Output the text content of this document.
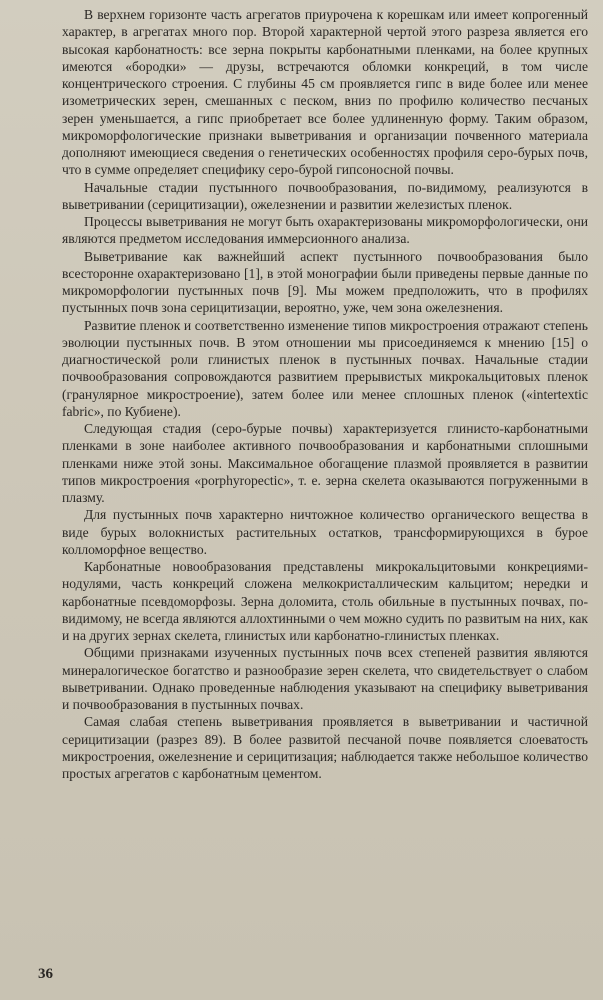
В верхнем горизонте часть агрегатов приурочена к корешкам или имеет копрогенный характер, в агрегатах много пор. Второй характерной чертой этого разреза является его высокая карбонатность: все зерна покрыты карбонатными пленками, на более крупных имеются «бородки» — друзы, встречаются обломки конкреций, в том числе концентрического строения. С глубины 45 см проявляется гипс в виде более или менее изометрических зерен, смешанных с песком, вниз по профилю количество песчаных зерен уменьшается, а гипс приобретает все более удлиненную форму. Таким образом, микроморфологические признаки выветривания и организации почвенного материала дополняют имеющиеся сведения о генетических особенностях профиля серо-бурых почв, что в сумме определяет специфику серо-бурой гипсоносной почвы.

Начальные стадии пустынного почвообразования, по-видимому, реализуются в выветривании (серицитизации), ожелезнении и развитии железистых пленок.

Процессы выветривания не могут быть охарактеризованы микроморфологически, они являются предметом исследования иммерсионного анализа.

Выветривание как важнейший аспект пустынного почвообразования было всесторонне охарактеризовано [1], в этой монографии были приведены первые данные по микроморфологии пустынных почв [9]. Мы можем предположить, что в профилях пустынных почв зона серицитизации, вероятно, уже, чем зона ожелезнения.

Развитие пленок и соответственно изменение типов микростроения отражают степень эволюции пустынных почв. В этом отношении мы присоединяемся к мнению [15] о диагностической роли глинистых пленок в пустынных почвах. Начальные стадии почвообразования сопровождаются развитием прерывистых микрокальцитовых пленок (гранулярное микростроение), затем более или менее сплошных пленок («intertextic fabric», по Кубиене).

Следующая стадия (серо-бурые почвы) характеризуется глинисто-карбонатными пленками в зоне наиболее активного почвообразования и карбонатными сплошными пленками ниже этой зоны. Максимальное обогащение плазмой проявляется в развитии типов микростроения «porphyropectic», т. е. зерна скелета оказываются погруженными в плазму.

Для пустынных почв характерно ничтожное количество органического вещества в виде бурых волокнистых растительных остатков, трансформирующихся в бурое колломорфное вещество.

Карбонатные новообразования представлены микрокальцитовыми конкрециями-нодулями, часть конкреций сложена мелкокристаллическим кальцитом; нередки и карбонатные псевдоморфозы. Зерна доломита, столь обильные в пустынных почвах, по-видимому, не всегда являются аллохтинными о чем можно судить по развитым на них, как и на других зернах скелета, глинистых или карбонатно-глинистых пленках.

Общими признаками изученных пустынных почв всех степеней развития являются минералогическое богатство и разнообразие зерен скелета, что свидетельствует о слабом выветривании. Однако проведенные наблюдения указывают на специфику выветривания и почвообразования в пустынных почвах.

Самая слабая степень выветривания проявляется в выветривании и частичной серицитизации (разрез 89). В более развитой песчаной почве появляется слоеватость микростроения, ожелезнение и серицитизация; наблюдается также небольшое количество простых агрегатов с карбонатным цементом.

36
